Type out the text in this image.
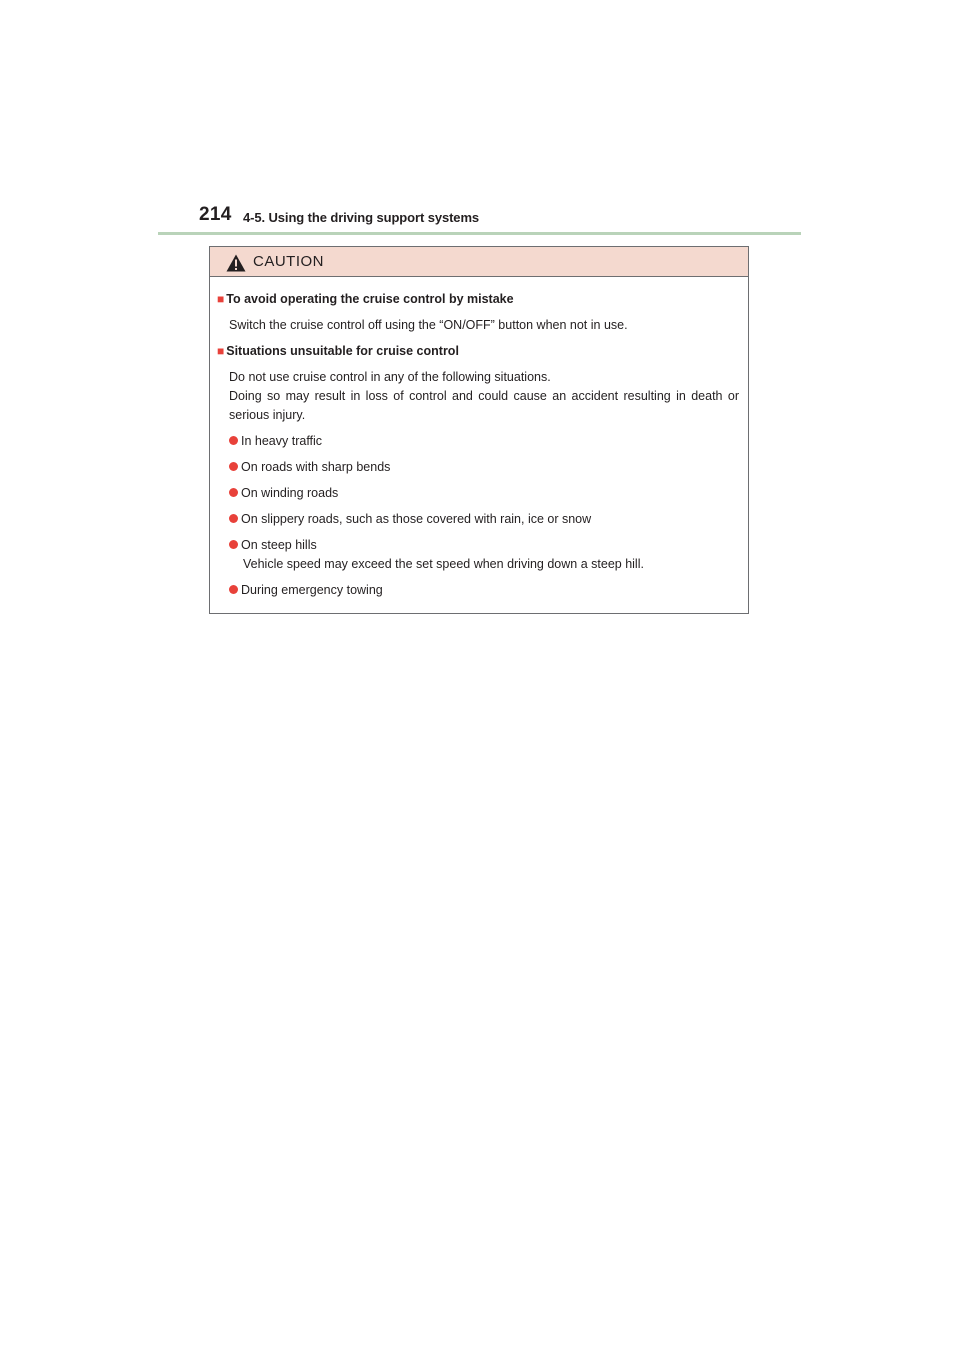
214 4-5. Using the driving support systems
CAUTION
■ To avoid operating the cruise control by mistake
Switch the cruise control off using the “ON/OFF” button when not in use.
■ Situations unsuitable for cruise control
Do not use cruise control in any of the following situations.
Doing so may result in loss of control and could cause an accident resulting in death or serious injury.
In heavy traffic
On roads with sharp bends
On winding roads
On slippery roads, such as those covered with rain, ice or snow
On steep hills
Vehicle speed may exceed the set speed when driving down a steep hill.
During emergency towing
